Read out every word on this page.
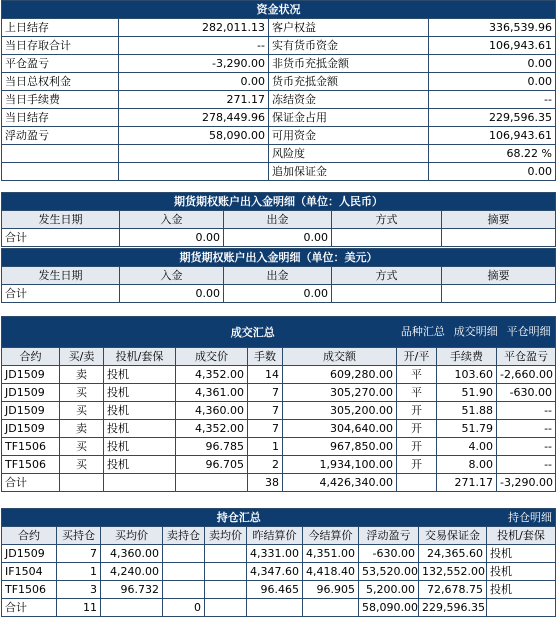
资金状况			
上日结存	282,011.13	客户权益	336,539.96
当日存取合计	--	实有货币资金	106,943.61
平仓盈亏	-3,290.00	非货币充抵金额	0.00
当日总权利金	0.00	货币充抵金额	0.00
当日手续费	271.17	冻结资金	--
当日结存	278,449.96	保证金占用	229,596.35
浮动盈亏	58,090.00	可用资金	106,943.61
		风险度	68.22 %
		追加保证金	0.00
期货期权账户出入金明细（单位：人民币）				
发生日期	入金	出金	方式	摘要
合计	0.00	0.00		
期货期权账户出入金明细（单位：美元）				
发生日期	入金	出金	方式	摘要
合计	0.00	0.00		
成交汇总						品种汇总 成交明细 平仓明细		

合约	买/卖	投机/套保	成交价	手数	成交额	开/平	手续费	平仓盈亏
JD1509	卖	投机	4,352.00	14	609,280.00	平	103.60	-2,660.00
JD1509	买	投机	4,361.00	7	305,270.00	平	51.90	-630.00
JD1509	买	投机	4,360.00	7	305,200.00	开	51.88	--
JD1509	卖	投机	4,352.00	7	304,640.00	开	51.79	--
TF1506	买	投机	96.785	1	967,850.00	开	4.00	--
TF1506	买	投机	96.705	2	1,934,100.00	开	8.00	--
合计				38	4,426,340.00		271.17	-3,290.00
持仓汇总								持仓明细	
合约	买持仓	买均价	卖持仓	卖均价	昨结算价	今结算价	浮动盈亏	交易保证金	投机/套保
JD1509	7	4,360.00			4,331.00	4,351.00	-630.00	24,365.60	投机
IF1504	1	4,240.00			4,347.60	4,418.40	53,520.00	132,552.00	投机
TF1506	3	96.732			96.465	96.905	5,200.00	72,678.75	投机
合计	11		0				58,090.00	229,596.35	
